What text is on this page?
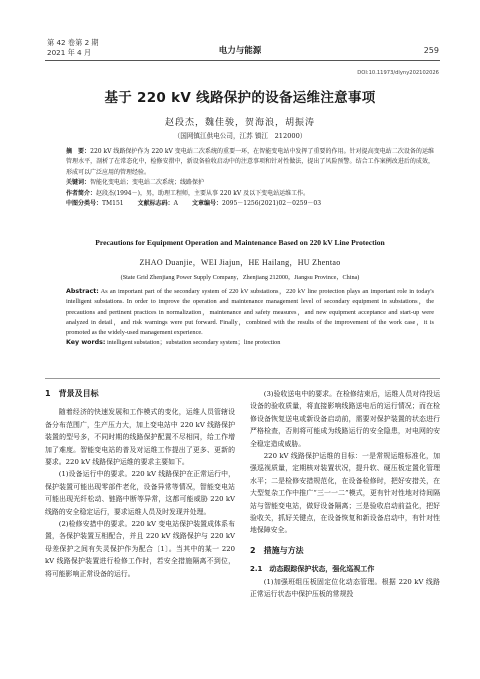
第 42 卷第 2 期
2021 年 4 月	电力与能源	259
DOI:10.11973/dlyny202102026
基于 220 kV 线路保护的设备运维注意事项
赵段杰，魏佳骏，贺海浪，胡振涛
（国网镇江供电公司，江苏 镇江　212000）

摘　要：220 kV 线路保护作为 220 kV 变电站二次系统的重要一环，在智能变电站中发挥了重要的作用。针对提高变电站二次设备的运维管理水平，剖析了在常态化中，检修安措中，新设备验收启动中的注意事项和针对性做法，提出了风险预警。结合工作案例改进后的成效，形成可以广泛应用的管理经验。

关键词：智能化变电站；变电站二次系统；线路保护

作者简介：赵段杰(1994－)，男，助理工程师，主要从事 220 kV 及以下变电站运维工作。

中图分类号：TM151 文献标志码：A 文章编号：2095－1256(2021)02－0259－03
Precautions for Equipment Operation and Maintenance Based on 220 kV Line Protection
ZHAO Duanjie，WEI Jiajun，HE Hailang，HU Zhentao
(State Grid Zhenjiang Power Supply Company，Zhenjiang 212000，Jiangsu Province，China)

Abstract: As an important part of the secondary system of 220 kV substations，220 kV line protection plays an important role in today's intelligent substations. In order to improve the operation and maintenance management level of secondary equipment in substations，the precautions and pertinent practices in normalization，maintenance and safety measures，and new equipment acceptance and start-up were analyzed in detail，and risk warnings were put forward. Finally，combined with the results of the improvement of the work case，it is promoted as the widely-used management experience.

Key words: intelligent substation；substation secondary system；line protection

1　背景及目标

随着经济的快速发展和工作模式的变化，运维人员管辖设备分布范围广，生产压力大，加上变电站中 220 kV 线路保护装置的型号多，不同时期的线路保护配置不尽相同，给工作增加了难度。智能变电站的普及对运维工作提出了更多、更新的要求。220 kV 线路保护运维的要求主要如下。

(1)设备运行中的要求。220 kV 线路保护在正常运行中，保护装置可能出现零部件老化，设备异常等情况，智能变电站可能出现光纤松动、链路中断等异常，这都可能威胁 220 kV 线路的安全稳定运行，要求运维人员及时发现并处理。

(2)检修安措中的要求。220 kV 变电站保护装置成体系布置，各保护装置互相配合，并且 220 kV 线路保护与 220 kV 母差保护之间有失灵保护作为配合〔1〕。当其中的某一 220 kV 线路保护装置进行检修工作时，若安全措施隔离不到位，将可能影响正常设备的运行。

(3)验收送电中的要求。在检修结束后，运维人员对待投运设备的验收质量，将直接影响线路送电后的运行情况；而在检修设备恢复送电或新设备启动前，需要对保护装置的状态进行严格检查，否则将可能成为线路运行的安全隐患，对电网的安全稳定造成威胁。

220 kV 线路保护运维的目标：一是常规运维标准化，加强巡视质量，定期核对装置状况，提升软、硬压板定置化管理水平；二是检修安措规范化，在设备检修时，把好安措关，在大型复杂工作中推广“三一一二”模式，更有针对性地对待间隔站与智能变电站，做好设备隔离；三是验收启动前益化，把好验收关，抓好关键点，在设备恢复和新设备启动中，有针对性地保障安全。

2　措施与方法
2.1　动态跟踪保护状态，强化巡视工作

(1)加强班组压板固定位化动态管理。根据 220 kV 线路正常运行状态中保护压板的常规投
